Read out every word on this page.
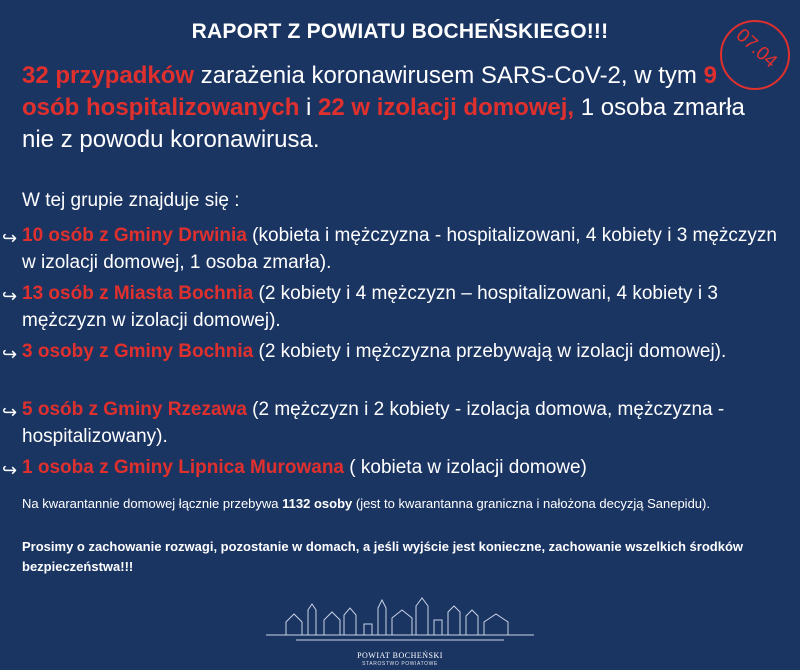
RAPORT Z POWIATU BOCHEŃSKIEGO!!!	07.04
32 przypadków zarażenia koronawirusem SARS-CoV-2, w tym 9 osób hospitalizowanych i 22 w izolacji domowej, 1 osoba zmarła nie z powodu koronawirusa.
W tej grupie znajduje się :
↪ 10 osób z Gminy Drwinia (kobieta i mężczyzna - hospitalizowani, 4 kobiety i 3 mężczyzn w izolacji domowej, 1 osoba zmarła).
↪ 13 osób z Miasta Bochnia (2 kobiety i 4 mężczyzn – hospitalizowani, 4 kobiety i 3 mężczyzn w izolacji domowej).
↪ 3 osoby z Gminy Bochnia (2 kobiety i mężczyzna przebywają w izolacji domowej).
↪ 5 osób z Gminy Rzezawa (2 mężczyzn i 2 kobiety - izolacja domowa, mężczyzna - hospitalizowany).
↪ 1 osoba z Gminy Lipnica Murowana ( kobieta w izolacji domowe)
Na kwarantannie domowej łącznie przebywa 1132 osoby (jest to kwarantanna graniczna i nałożona decyzją Sanepidu).
Prosimy o zachowanie rozwagi, pozostanie w domach, a jeśli wyjście jest konieczne, zachowanie wszelkich środków bezpieczeństwa!!!
POWIAT BOCHEŃSKI
STAROSTWO POWIATOWE
